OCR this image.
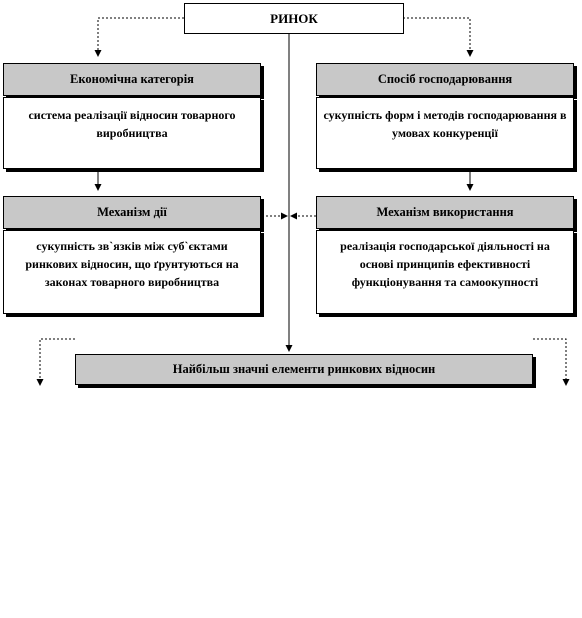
РИНОК
Економічна категорія
система реалізації відносин товарного виробництва
Механізм дії
сукупність зв`язків між суб`єктами ринкових відносин, що ґрунтуються на законах товарного виробництва
Спосіб господарювання
сукупність форм і методів господарювання в умовах конкуренції
Механізм використання
реалізація господарської діяльності на основі принципів ефективності функціонування та самоокупності
Найбільш значні елементи ринкових відносин
